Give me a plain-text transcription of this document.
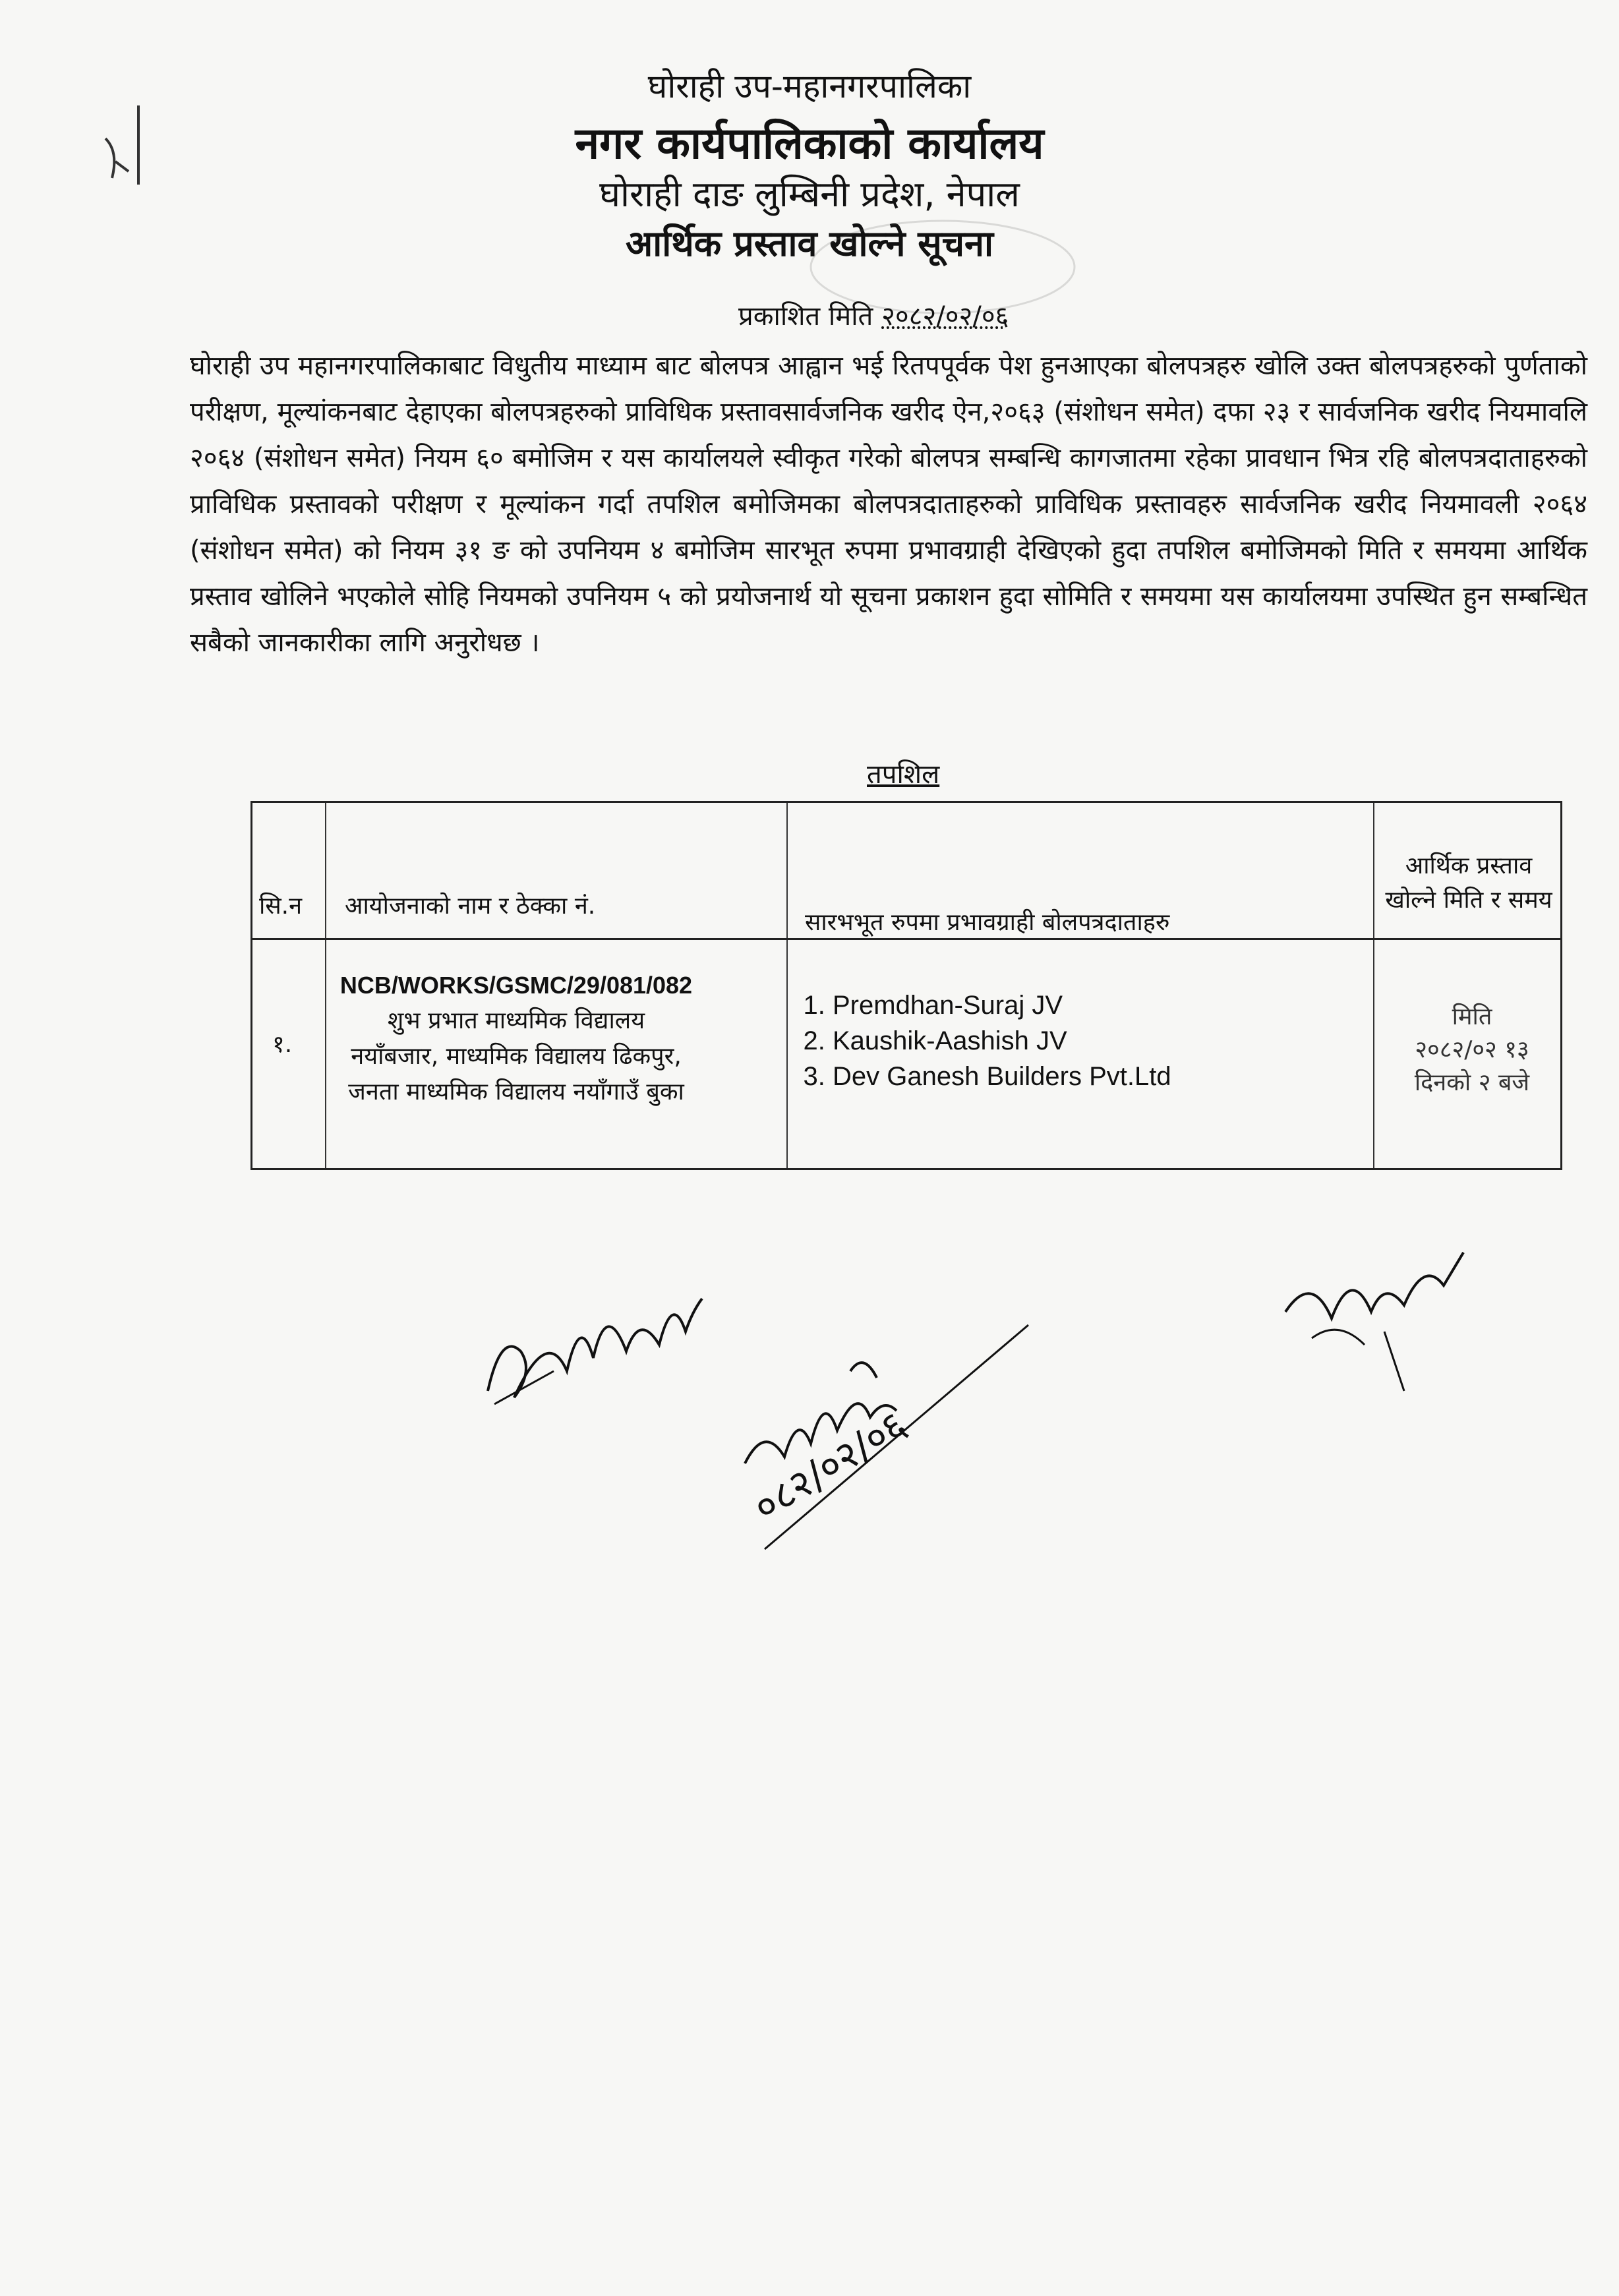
घोराही उप-महानगरपालिका
नगर कार्यपालिकाको कार्यालय
घोराही दाङ लुम्बिनी प्रदेश, नेपाल
आर्थिक प्रस्ताव खोल्ने सूचना
प्रकाशित मिति २०८२/०२/०६
घोराही उप महानगरपालिकाबाट विधुतीय माध्याम बाट बोलपत्र आह्वान भई रितपपूर्वक पेश हुनआएका बोलपत्रहरु खोलि उक्त बोलपत्रहरुको पुर्णताको परीक्षण, मूल्यांकनबाट देहाएका बोलपत्रहरुको प्राविधिक प्रस्तावसार्वजनिक खरीद ऐन,२०६३ (संशोधन समेत) दफा २३ र सार्वजनिक खरीद नियमावलि २०६४ (संशोधन समेत) नियम ६० बमोजिम र यस कार्यालयले स्वीकृत गरेको बोलपत्र सम्बन्धि कागजातमा रहेका प्रावधान भित्र रहि बोलपत्रदाताहरुको प्राविधिक प्रस्तावको परीक्षण र मूल्यांकन गर्दा तपशिल बमोजिमका बोलपत्रदाताहरुको प्राविधिक प्रस्तावहरु सार्वजनिक खरीद नियमावली २०६४ (संशोधन समेत) को नियम ३१ ङ को उपनियम ४ बमोजिम सारभूत रुपमा प्रभावग्राही देखिएको हुदा तपशिल बमोजिमको मिति र समयमा आर्थिक प्रस्ताव खोलिने भएकोले सोहि नियमको उपनियम ५ को प्रयोजनार्थ यो सूचना प्रकाशन हुदा सोमिति र समयमा यस कार्यालयमा उपस्थित हुन सम्बन्धित सबैको जानकारीका लागि अनुरोधछ ।
तपशिल
सि.न आयोजनाको नाम र ठेक्का नं.
सारभभूत रुपमा प्रभावग्राही बोलपत्रदाताहरु
आर्थिक प्रस्ताव खोल्ने मिति र समय
१.
NCB/WORKS/GSMC/29/081/082
शुभ प्रभात माध्यमिक विद्यालय
नयाँबजार, माध्यमिक विद्यालय ढिकपुर,
जनता माध्यमिक विद्यालय नयाँगाउँ बुका
1. Premdhan-Suraj JV
2. Kaushik-Aashish JV
3. Dev Ganesh Builders Pvt.Ltd
मिति
२०८२/०२ १३
दिनको २ बजे
०८२/०२/०६
